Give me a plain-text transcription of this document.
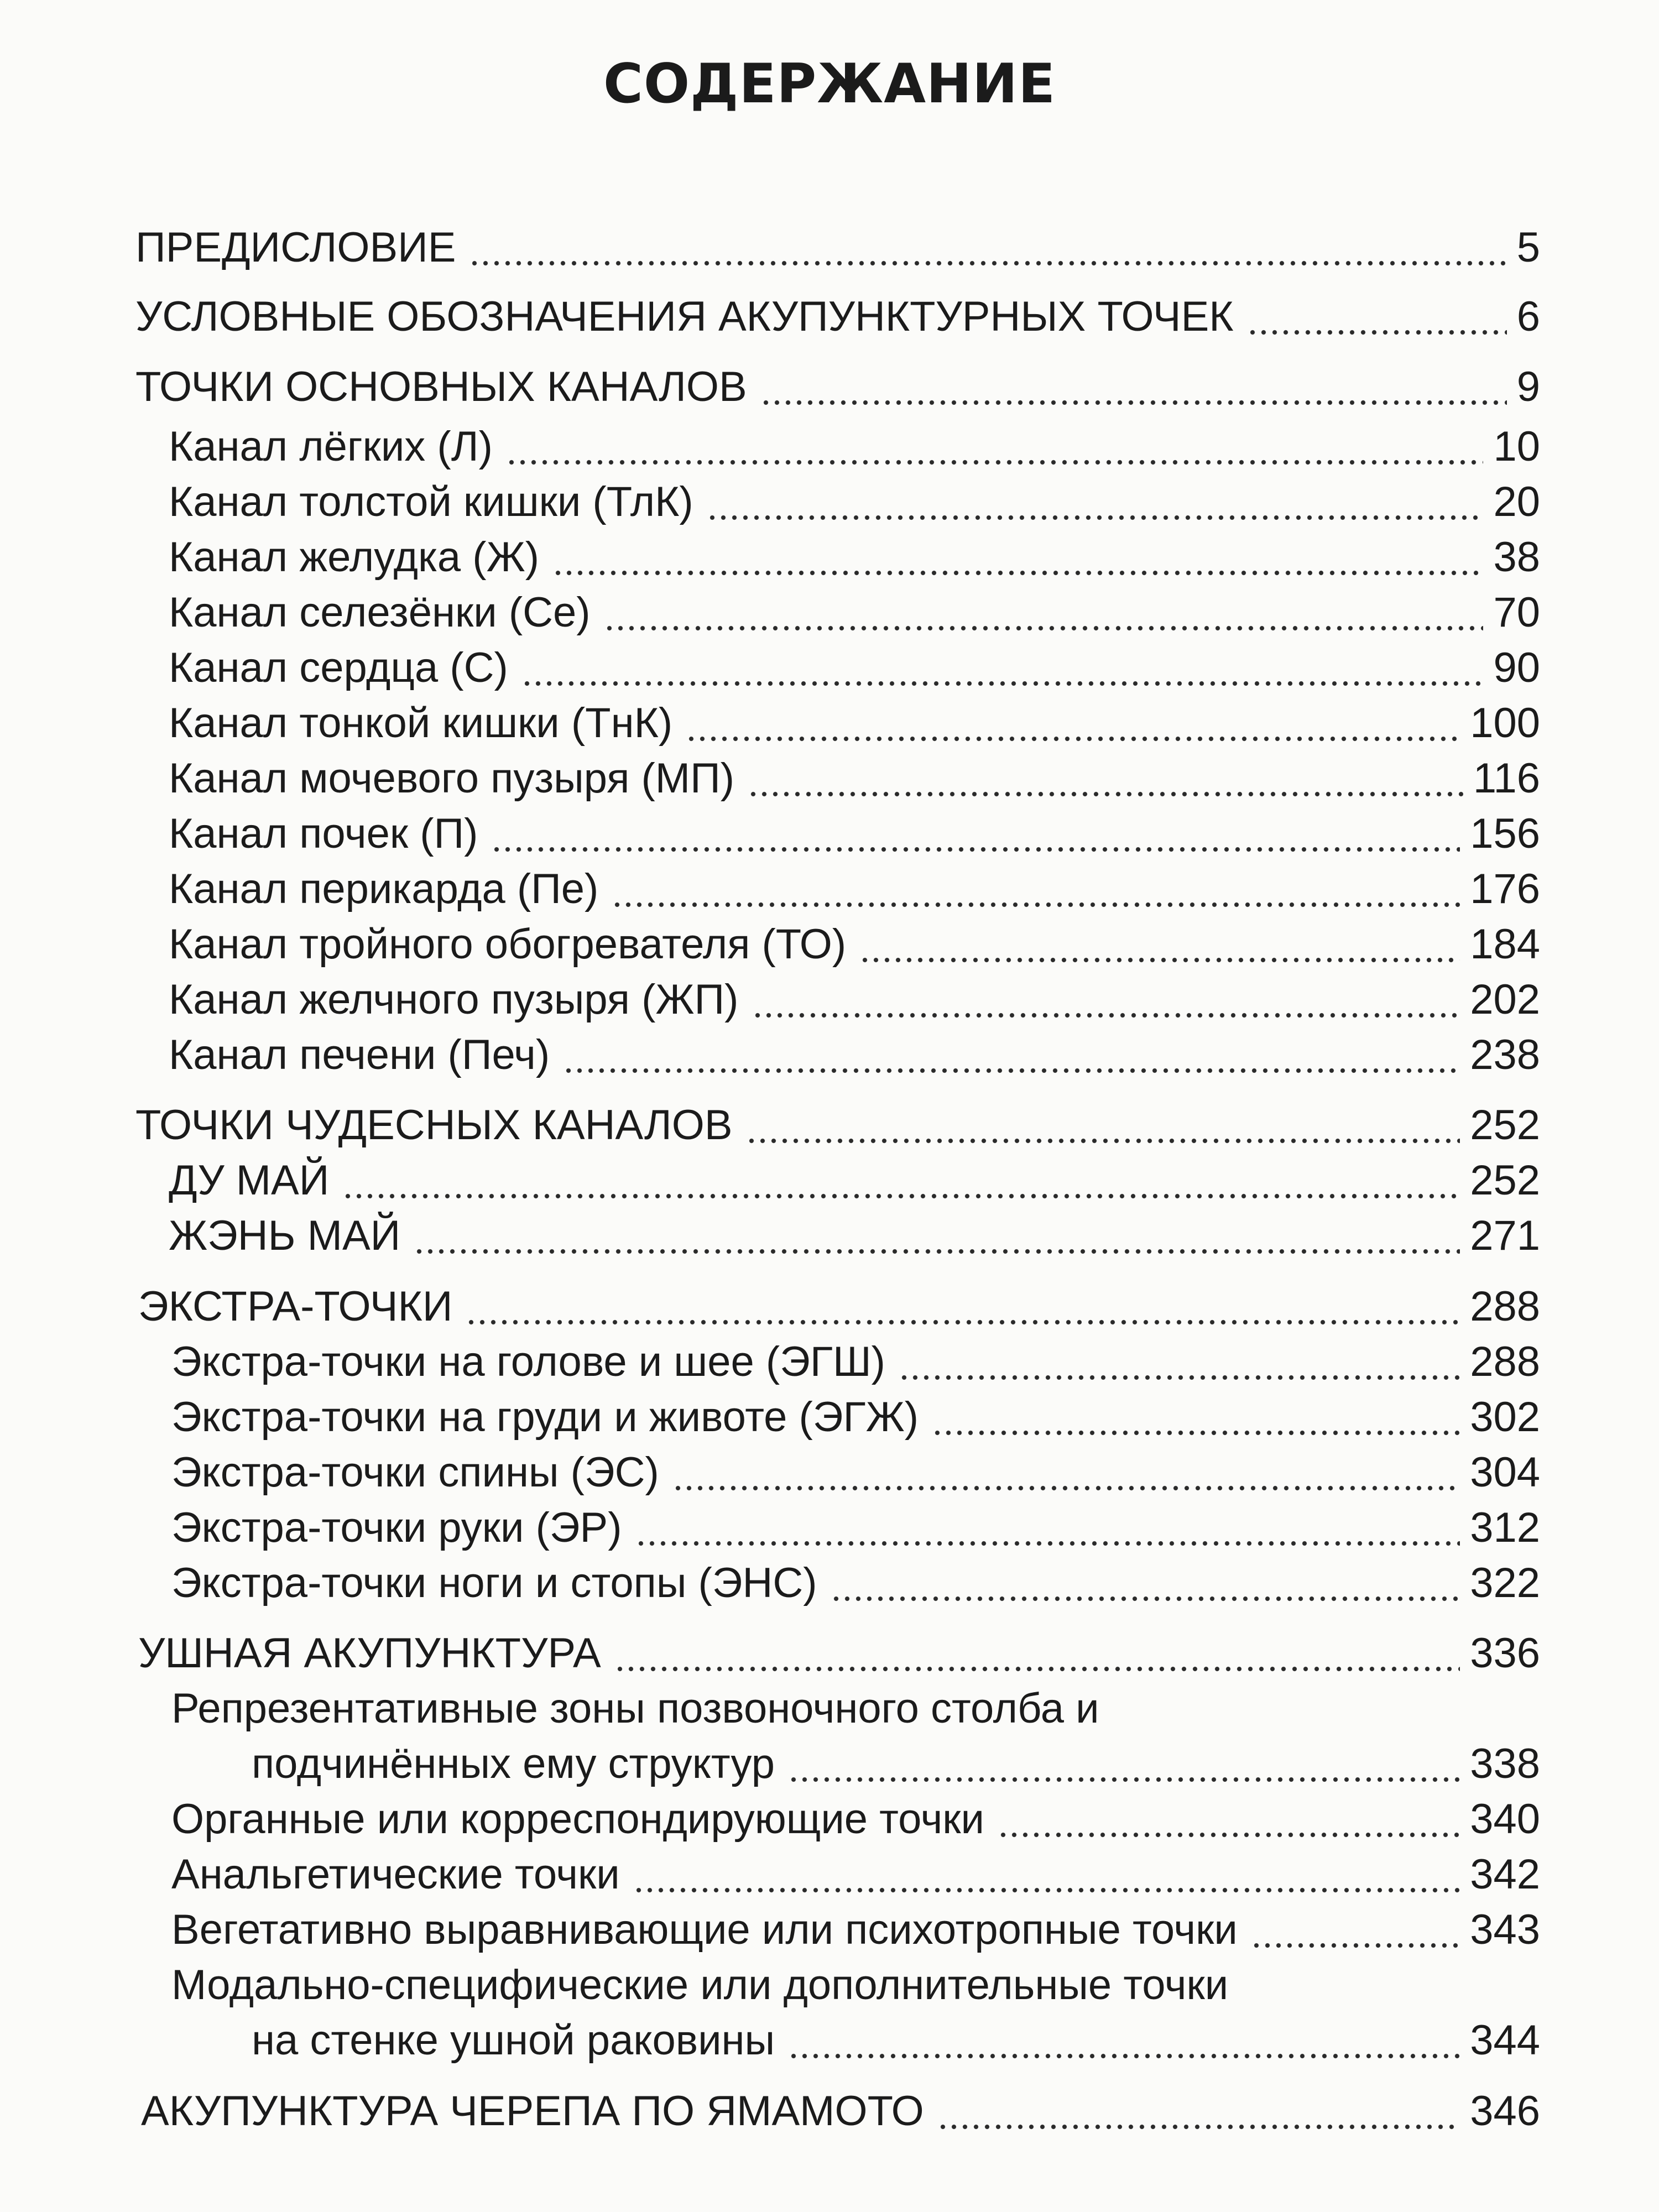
СОДЕРЖАНИЕ
ПРЕДИСЛОВИЕ	5
УСЛОВНЫЕ ОБОЗНАЧЕНИЯ АКУПУНКТУРНЫХ ТОЧЕК	6
ТОЧКИ ОСНОВНЫХ КАНАЛОВ	9
Канал лёгких (Л)	10
Канал толстой кишки (ТлК)	20
Канал желудка (Ж)	38
Канал селезёнки (Се)	70
Канал сердца (С)	90
Канал тонкой кишки (ТнК)	100
Канал мочевого пузыря (МП)	116
Канал почек (П)	156
Канал перикарда (Пе)	176
Канал тройного обогревателя (ТО)	184
Канал желчного пузыря (ЖП)	202
Канал печени (Печ)	238
ТОЧКИ ЧУДЕСНЫХ КАНАЛОВ	252
ДУ МАЙ	252
ЖЭНЬ МАЙ	271
ЭКСТРА-ТОЧКИ	288
Экстра-точки на голове и шее (ЭГШ)	288
Экстра-точки на груди и животе (ЭГЖ)	302
Экстра-точки спины (ЭС)	304
Экстра-точки руки (ЭР)	312
Экстра-точки ноги и стопы (ЭНС)	322
УШНАЯ АКУПУНКТУРА	336
Репрезентативные зоны позвоночного столба и
подчинённых ему структур	338
Органные или корреспондирующие точки	340
Анальгетические точки	342
Вегетативно выравнивающие или психотропные точки	343
Модально-специфические или дополнительные точки
на стенке ушной раковины	344
АКУПУНКТУРА ЧЕРЕПА ПО ЯМАМОТО	346
